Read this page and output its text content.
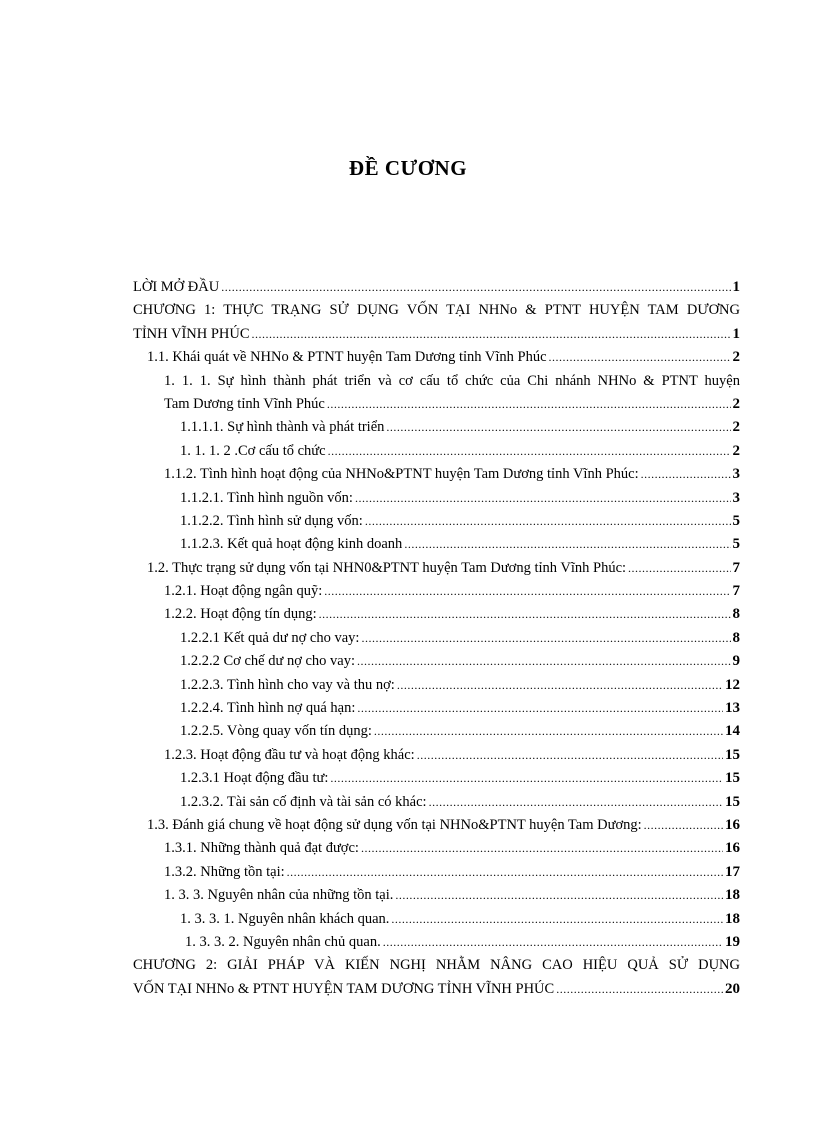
ĐỀ CƯƠNG
LỜI MỞ ĐẦU .....	1
CHƯƠNG 1: THỰC TRẠNG SỬ DỤNG VỐN TẠI NHNo & PTNT HUYỆN TAM DƯƠNG
TỈNH VĨNH PHÚC .....	1
1.1. Khái quát về NHNo & PTNT huyện Tam Dương tỉnh Vĩnh Phúc .....	2
1. 1. 1. Sự hình thành phát triển và cơ cấu tổ chức của Chi nhánh NHNo & PTNT huyện
Tam Dương tỉnh Vĩnh Phúc .....	2
1.1.1.1. Sự hình thành và phát triển .....	2
1. 1. 1. 2 .Cơ cấu tổ chức .....	2
1.1.2. Tình hình hoạt động của NHNo&PTNT huyện Tam Dương tỉnh Vĩnh Phúc: .....	3
1.1.2.1. Tình hình nguồn vốn: .....	3
1.1.2.2. Tình hình sử dụng vốn: .....	5
1.1.2.3. Kết quả hoạt động kinh doanh .....	5
1.2. Thực trạng sử dụng vốn tại NHN0&PTNT huyện Tam Dương tỉnh Vĩnh Phúc: .....	7
1.2.1. Hoạt động ngân quỹ: .....	7
1.2.2. Hoạt động tín dụng: .....	8
1.2.2.1 Kết quả dư nợ cho vay: .....	8
1.2.2.2 Cơ chế dư nợ cho vay: .....	9
1.2.2.3. Tình hình cho vay và thu nợ: .....	12
1.2.2.4. Tình hình nợ quá hạn: .....	13
1.2.2.5. Vòng quay vốn tín dụng: .....	14
1.2.3. Hoạt động đầu tư và hoạt động khác: .....	15
1.2.3.1 Hoạt động đầu tư: .....	15
1.2.3.2. Tài sản cố định và tài sản có khác: .....	15
1.3. Đánh giá chung về hoạt động sử dụng vốn tại NHNo&PTNT huyện Tam Dương: .....	16
1.3.1. Những thành quả đạt được: .....	16
1.3.2. Những tồn tại: .....	17
1. 3. 3. Nguyên nhân của những tồn tại. .....	18
1. 3. 3. 1. Nguyên nhân khách quan. .....	18
1. 3. 3. 2. Nguyên nhân chủ quan. .....	19
CHƯƠNG 2: GIẢI PHÁP VÀ KIẾN NGHỊ NHẰM NÂNG CAO HIỆU QUẢ SỬ DỤNG
VỐN TẠI NHNo & PTNT HUYỆN TAM DƯƠNG TỈNH VĨNH PHÚC .....	20
